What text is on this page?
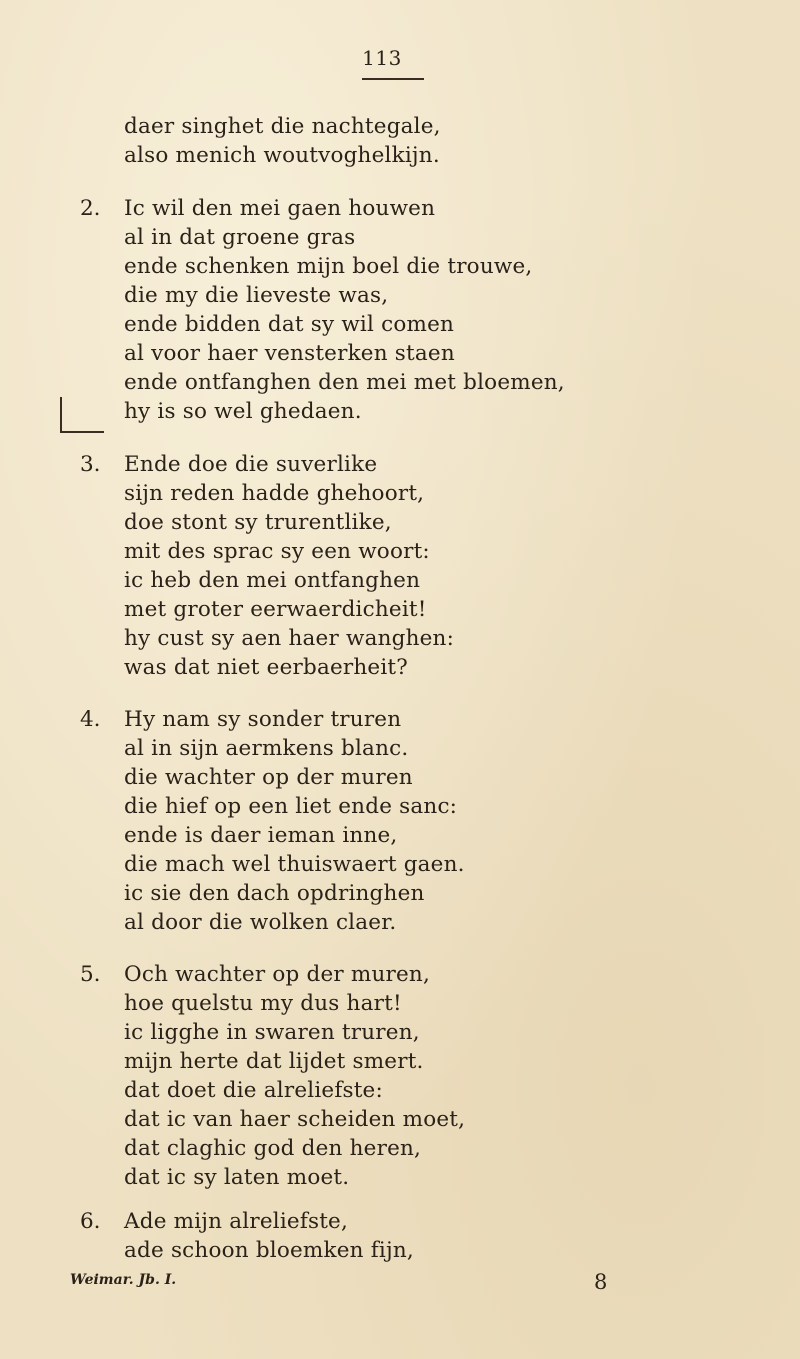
113
daer singhet die nachtegale,
also menich woutvoghelkijn.
2. Ic wil den mei gaen houwen
al in dat groene gras
ende schenken mijn boel die trouwe,
die my die lieveste was,
ende bidden dat sy wil comen
al voor haer vensterken staen
ende ontfanghen den mei met bloemen,
hy is so wel ghedaen.
3. Ende doe die suverlike
sijn reden hadde ghehoort,
doe stont sy trurentlike,
mit des sprac sy een woort:
ic heb den mei ontfanghen
met groter eerwaerdicheit!
hy cust sy aen haer wanghen:
was dat niet eerbaerheit?
4. Hy nam sy sonder truren
al in sijn aermkens blanc.
die wachter op der muren
die hief op een liet ende sanc:
ende is daer ieman inne,
die mach wel thuiswaert gaen.
ic sie den dach opdringhen
al door die wolken claer.
5. Och wachter op der muren,
hoe quelstu my dus hart!
ic ligghe in swaren truren,
mijn herte dat lijdet smert.
dat doet die alreliefste:
dat ic van haer scheiden moet,
dat claghic god den heren,
dat ic sy laten moet.
6. Ade mijn alreliefste,
ade schoon bloemken fijn,
Weimar. Jb. I.	8
